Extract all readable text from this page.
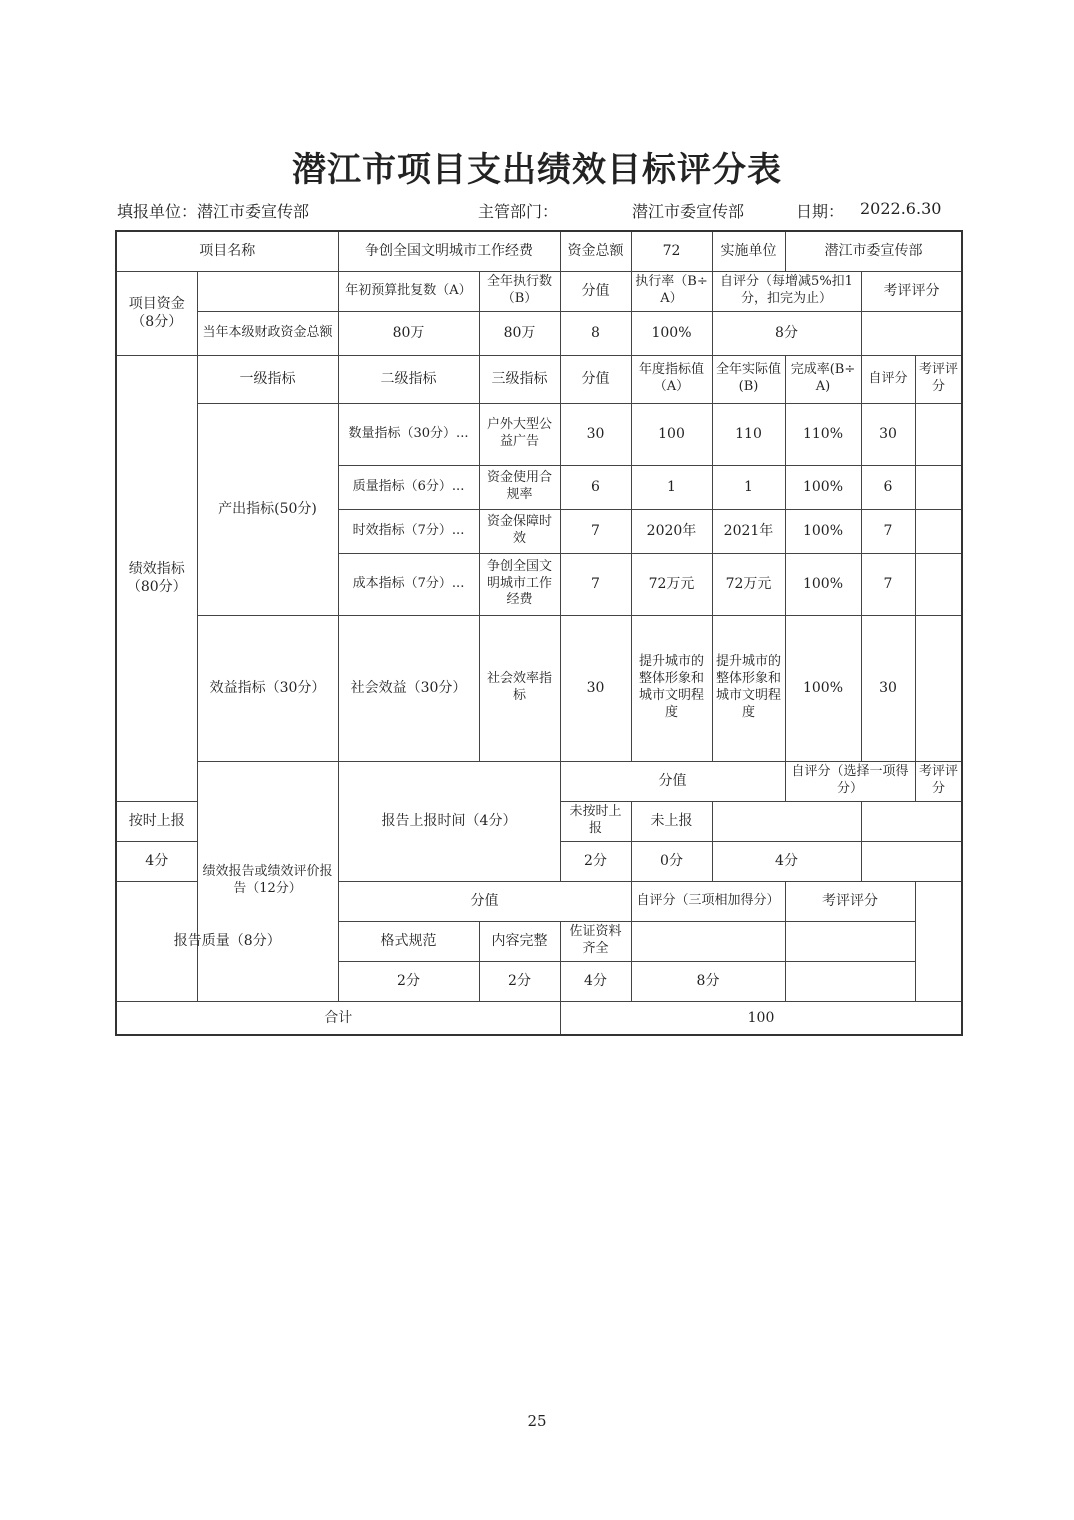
潜江市项目支出绩效目标评分表
填报单位：潜江市委宣传部	主管部门：	潜江市委宣传部	日期： 2022.6.30
项目名称		争创全国文明城市工作经费		资金总额	72	实施单位	潜江市委宣传部			
项目资金（8分）		年初预算批复数（A）	全年执行数（B）	分值	执行率（B÷A）	自评分（每增减5%扣1分，扣完为止）		考评评分		
	当年本级财政资金总额	80万	80万	8	100%	8分				
绩效指标（80分）	一级指标	二级指标	三级指标	分值	年度指标值（A）	全年实际值(B)	完成率(B÷A)	自评分	考评评分	
	产出指标(50分)	数量指标（30分）...	户外大型公益广告	30	100	110	110%	30		
		质量指标（6分）...	资金使用合规率	6	1	1	100%	6		
		时效指标（7分）...	资金保障时效	7	2020年	2021年	100%	7		
		成本指标（7分）...	争创全国文明城市工作经费	7	72万元	72万元	100%	7		
	效益指标（30分）	社会效益（30分）	社会效率指标	30	提升城市的整体形象和城市文明程度	提升城市的整体形象和城市文明程度	100%	30		
	绩效报告或绩效评价报告（12分）	报告上报时间（4分）		分值			自评分（选择一项得分）		考评评分	
按时上报				未按时上报	未上报					
4分				2分	0分	4分				
报告质量（8分）		分值			自评分（三项相加得分）		考评评分			
		格式规范	内容完整	佐证资料齐全						
		2分	2分	4分	8分					
合计				100						
25
